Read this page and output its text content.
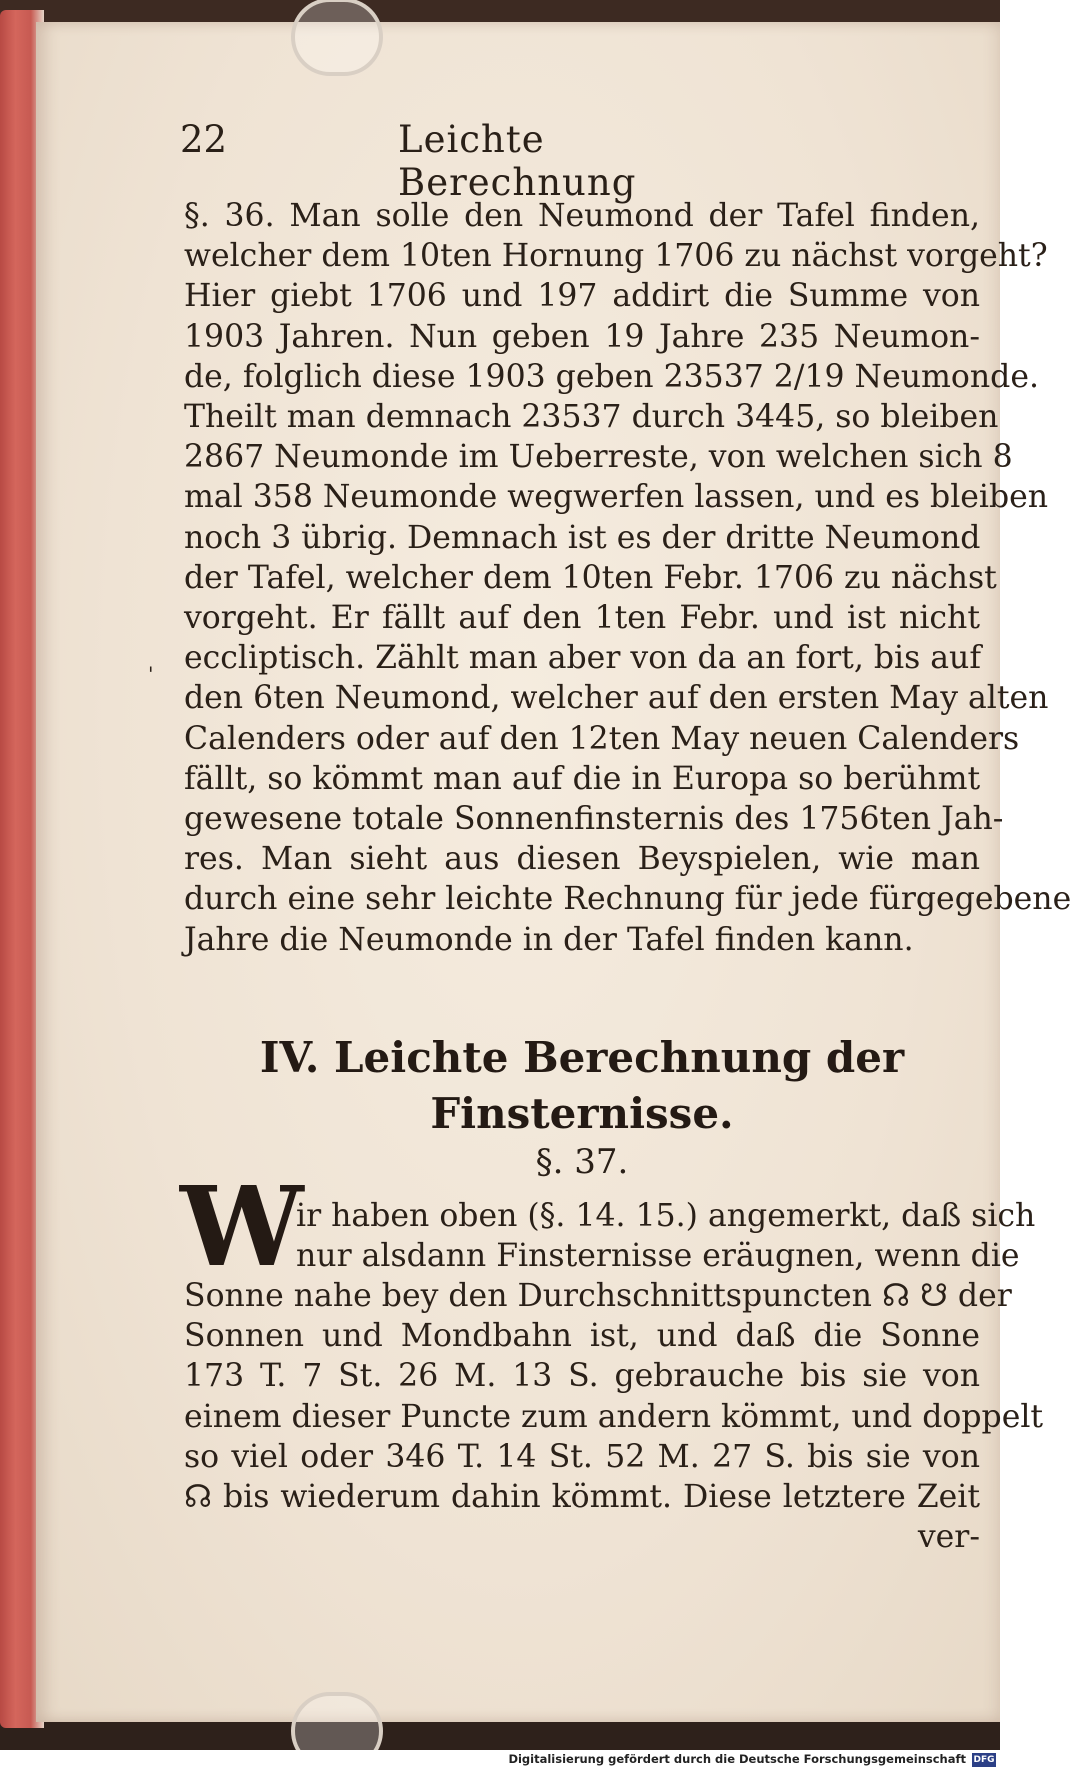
22	Leichte Berechnung
'
§. 36. Man solle den Neumond der Tafel finden,
welcher dem 10ten Hornung 1706 zu nächst vorgeht?
Hier giebt 1706 und 197 addirt die Summe von
1903 Jahren. Nun geben 19 Jahre 235 Neumon-
de, folglich diese 1903 geben 23537 2/19 Neumonde.
Theilt man demnach 23537 durch 3445, so bleiben
2867 Neumonde im Ueberreste, von welchen sich 8
mal 358 Neumonde wegwerfen lassen, und es bleiben
noch 3 übrig. Demnach ist es der dritte Neumond
der Tafel, welcher dem 10ten Febr. 1706 zu nächst
vorgeht. Er fällt auf den 1ten Febr. und ist nicht
eccliptisch. Zählt man aber von da an fort, bis auf
den 6ten Neumond, welcher auf den ersten May alten
Calenders oder auf den 12ten May neuen Calenders
fällt, so kömmt man auf die in Europa so berühmt
gewesene totale Sonnenfinsternis des 1756ten Jah-
res. Man sieht aus diesen Beyspielen, wie man
durch eine sehr leichte Rechnung für jede fürgegebene
Jahre die Neumonde in der Tafel finden kann.
IV. Leichte Berechnung der
Finsternisse.
§. 37.
W
ir haben oben (§. 14. 15.) angemerkt, daß sich
nur alsdann Finsternisse eräugnen, wenn die
Sonne nahe bey den Durchschnittspuncten ☊ ☋ der
Sonnen und Mondbahn ist, und daß die Sonne
173 T. 7 St. 26 M. 13 S. gebrauche bis sie von
einem dieser Puncte zum andern kömmt, und doppelt
so viel oder 346 T. 14 St. 52 M. 27 S. bis sie von
☊ bis wiederum dahin kömmt. Diese letztere Zeit
ver-
Digitalisierung gefördert durch die Deutsche Forschungsgemeinschaft DFG
